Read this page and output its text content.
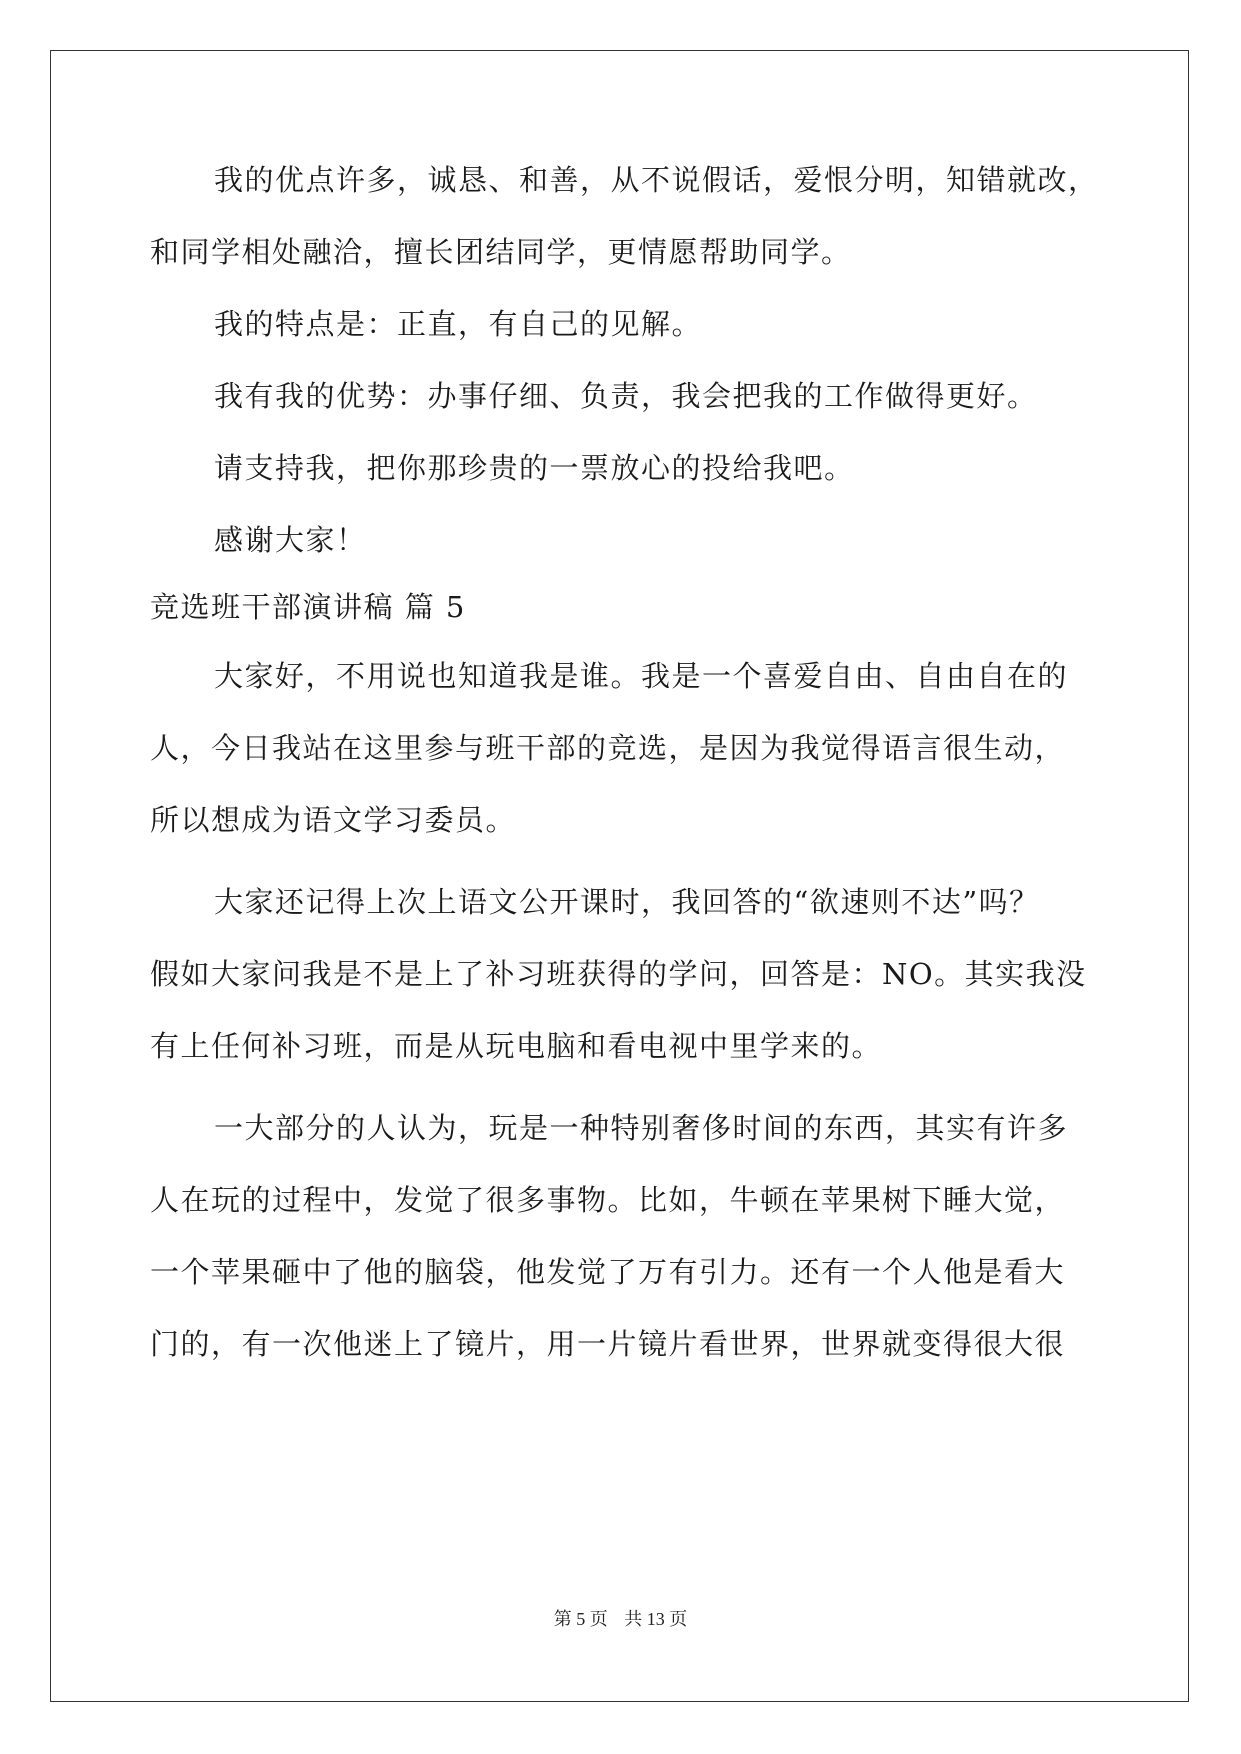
我的优点许多，诚恳、和善，从不说假话，爱恨分明，知错就改，
和同学相处融洽，擅长团结同学，更情愿帮助同学。
我的特点是：正直，有自己的见解。
我有我的优势：办事仔细、负责，我会把我的工作做得更好。
请支持我，把你那珍贵的一票放心的投给我吧。
感谢大家！
竞选班干部演讲稿 篇 5
大家好，不用说也知道我是谁。我是一个喜爱自由、自由自在的
人，今日我站在这里参与班干部的竞选，是因为我觉得语言很生动，
所以想成为语文学习委员。
大家还记得上次上语文公开课时，我回答的“欲速则不达”吗？
假如大家问我是不是上了补习班获得的学问，回答是：NO。其实我没
有上任何补习班，而是从玩电脑和看电视中里学来的。
一大部分的人认为，玩是一种特别奢侈时间的东西，其实有许多
人在玩的过程中，发觉了很多事物。比如，牛顿在苹果树下睡大觉，
一个苹果砸中了他的脑袋，他发觉了万有引力。还有一个人他是看大
门的，有一次他迷上了镜片，用一片镜片看世界，世界就变得很大很
第 5 页 共 13 页
